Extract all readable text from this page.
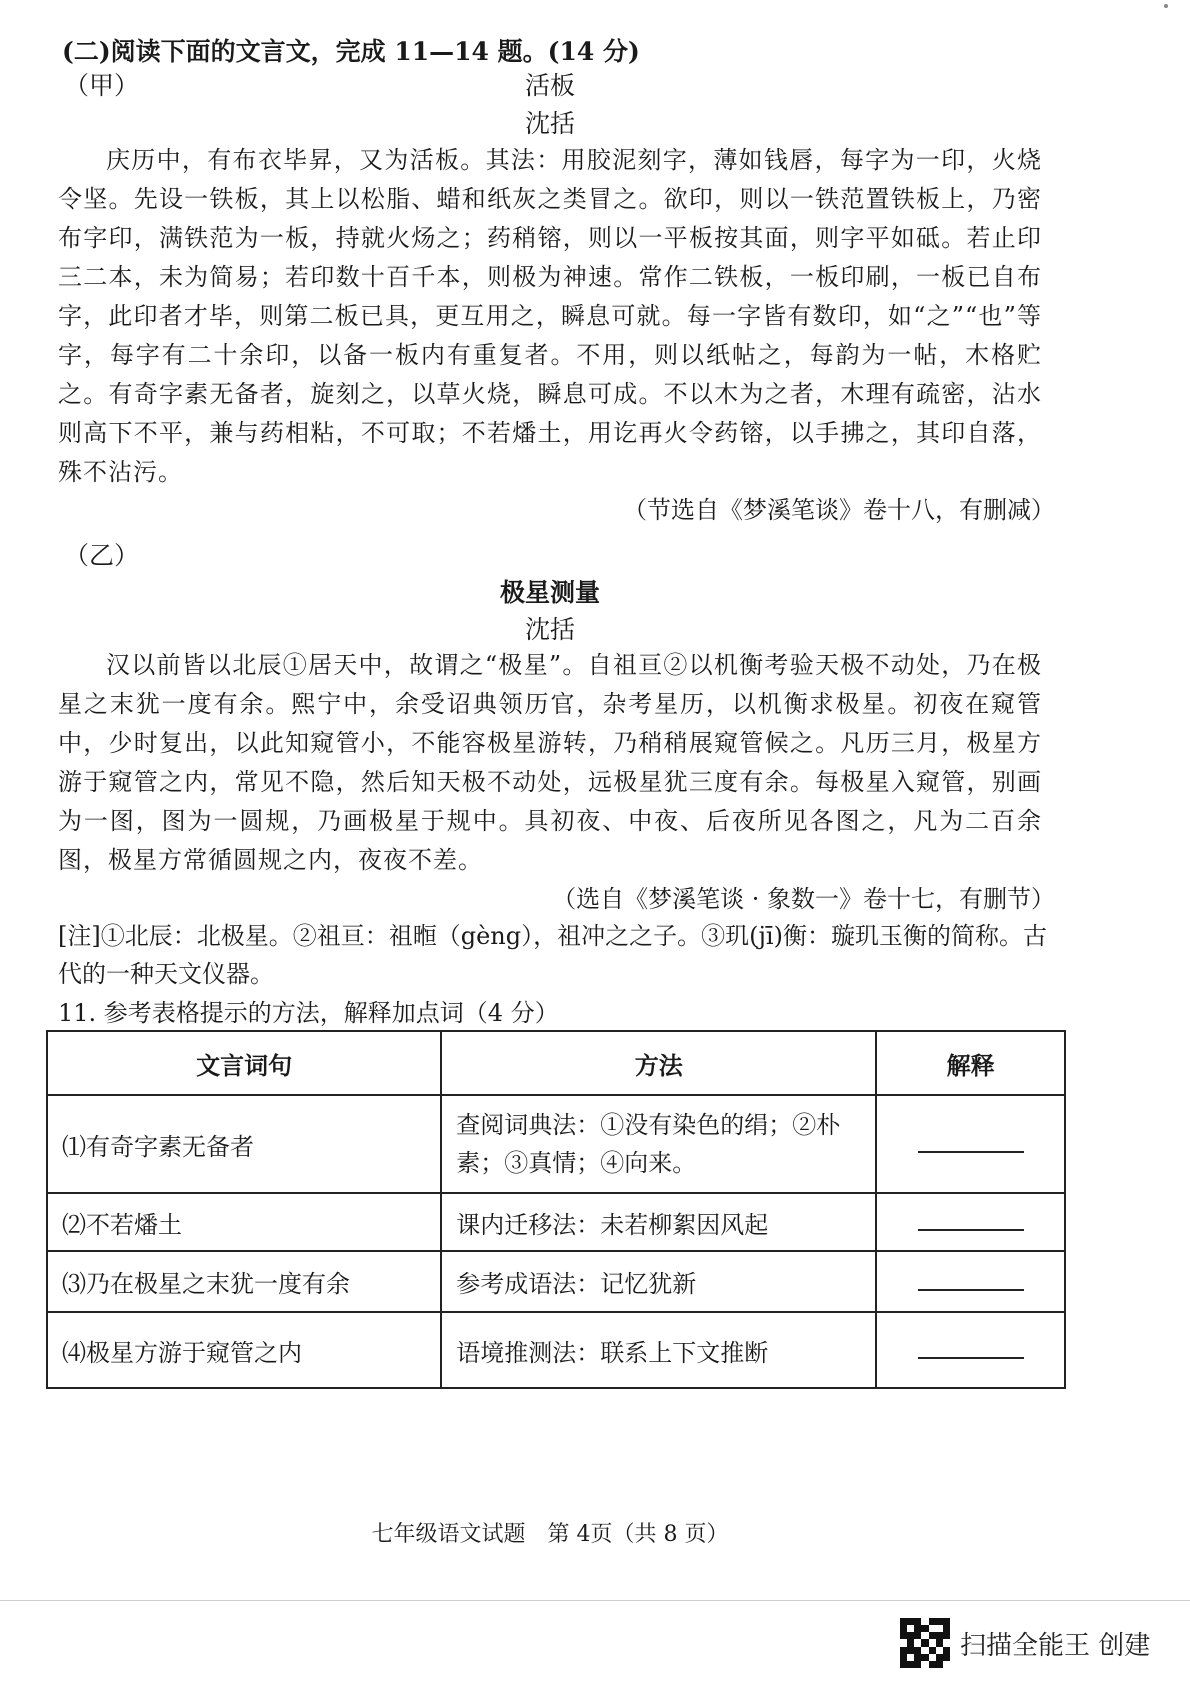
(二)阅读下面的文言文，完成 11—14 题。(14 分)
（甲）	活板
沈括

庆历中，有布衣毕昇，又为活板。其法：用胶泥刻字，薄如钱唇，每字为一印，火烧令坚。先设一铁板，其上以松脂、蜡和纸灰之类冒之。欲印，则以一铁范置铁板上，乃密布字印，满铁范为一板，持就火炀之；药稍镕，则以一平板按其面，则字平如砥。若止印三二本，未为简易；若印数十百千本，则极为神速。常作二铁板，一板印刷，一板已自布字，此印者才毕，则第二板已具，更互用之，瞬息可就。每一字皆有数印，如“之”“也”等字，每字有二十余印，以备一板内有重复者。不用，则以纸帖之，每韵为一帖，木格贮之。有奇字素无备者，旋刻之，以草火烧，瞬息可成。不以木为之者，木理有疏密，沾水则高下不平，兼与药相粘，不可取；不若燔土，用讫再火令药镕，以手拂之，其印自落，殊不沾污。

（节选自《梦溪笔谈》卷十八，有删减）
（乙）
极星测量
沈括

汉以前皆以北辰①居天中，故谓之“极星”。自祖亘②以机衡考验天极不动处，乃在极星之末犹一度有余。熙宁中，余受诏典领历官，杂考星历，以机衡求极星。初夜在窥管中，少时复出，以此知窥管小，不能容极星游转，乃稍稍展窥管候之。凡历三月，极星方游于窥管之内，常见不隐，然后知天极不动处，远极星犹三度有余。每极星入窥管，别画为一图，图为一圆规，乃画极星于规中。具初夜、中夜、后夜所见各图之，凡为二百余图，极星方常循圆规之内，夜夜不差。

（选自《梦溪笔谈 · 象数一》卷十七，有删节）

[注]①北辰：北极星。②祖亘：祖暅（gèng），祖冲之之子。③玑(jī)衡：璇玑玉衡的简称。古代的一种天文仪器。

11. 参考表格提示的方法，解释加点词（4 分）
文言词句	方法	解释
⑴有奇字素无备者	查阅词典法：①没有染色的绢；②朴素；③真情；④向来。	
⑵不若燔土	课内迁移法：未若柳絮因风起	
⑶乃在极星之末犹一度有余	参考成语法：记忆犹新	
⑷极星方游于窥管之内	语境推测法：联系上下文推断	
七年级语文试题　第 4页（共 8 页）
扫描全能王 创建
